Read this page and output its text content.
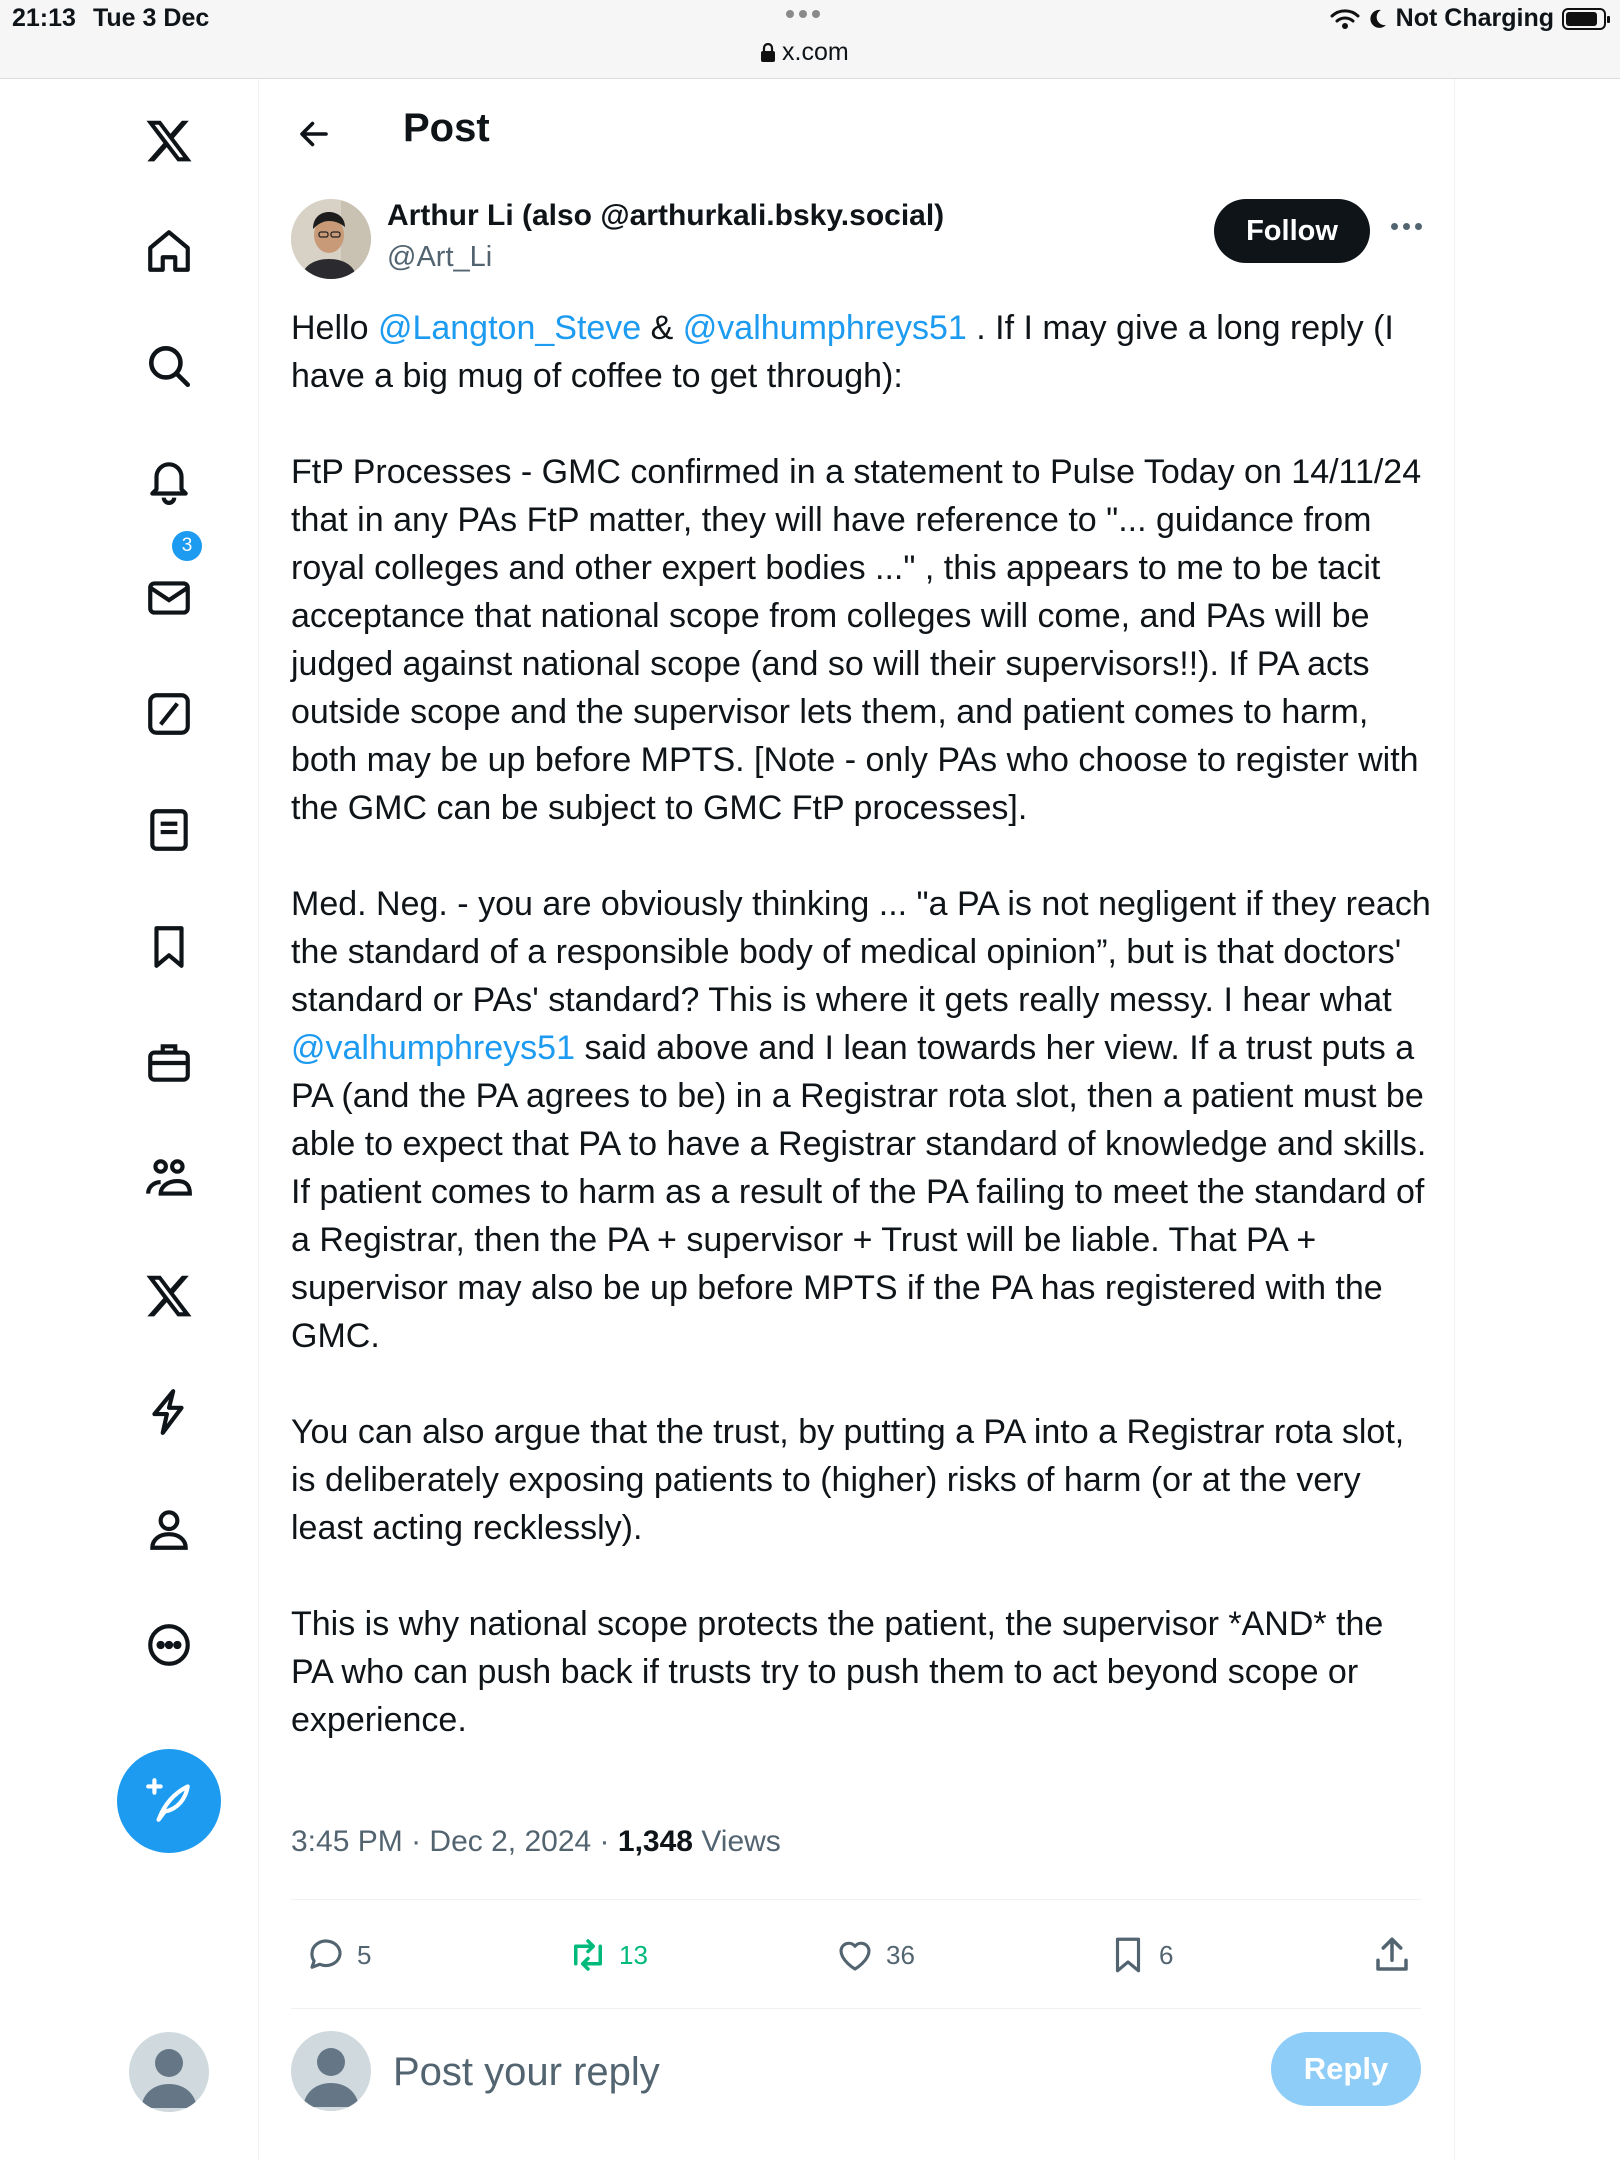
21:13 Tue 3 Dec
x.com
Not Charging
3
Post
Arthur Li (also @arthurkali.bsky.social)
@Art_Li
Follow

Hello @Langton_Steve & @valhumphreys51 . If I may give a long reply (I have a big mug of coffee to get through):

FtP Processes - GMC confirmed in a statement to Pulse Today on 14/11/24 that in any PAs FtP matter, they will have reference to "... guidance from royal colleges and other expert bodies ..." , this appears to me to be tacit acceptance that national scope from colleges will come, and PAs will be judged against national scope (and so will their supervisors!!). If PA acts outside scope and the supervisor lets them, and patient comes to harm, both may be up before MPTS. [Note - only PAs who choose to register with the GMC can be subject to GMC FtP processes].

Med. Neg. - you are obviously thinking ... "a PA is not negligent if they reach the standard of a responsible body of medical opinion”, but is that doctors' standard or PAs' standard? This is where it gets really messy. I hear what @valhumphreys51 said above and I lean towards her view. If a trust puts a PA (and the PA agrees to be) in a Registrar rota slot, then a patient must be able to expect that PA to have a Registrar standard of knowledge and skills. If patient comes to harm as a result of the PA failing to meet the standard of a Registrar, then the PA + supervisor + Trust will be liable. That PA + supervisor may also be up before MPTS if the PA has registered with the GMC.

You can also argue that the trust, by putting a PA into a Registrar rota slot, is deliberately exposing patients to (higher) risks of harm (or at the very least acting recklessly).

This is why national scope protects the patient, the supervisor *AND* the PA who can push back if trusts try to push them to act beyond scope or experience.

3:45 PM · Dec 2, 2024 · 1,348 Views
5	13	36	6
Post your reply
Reply
